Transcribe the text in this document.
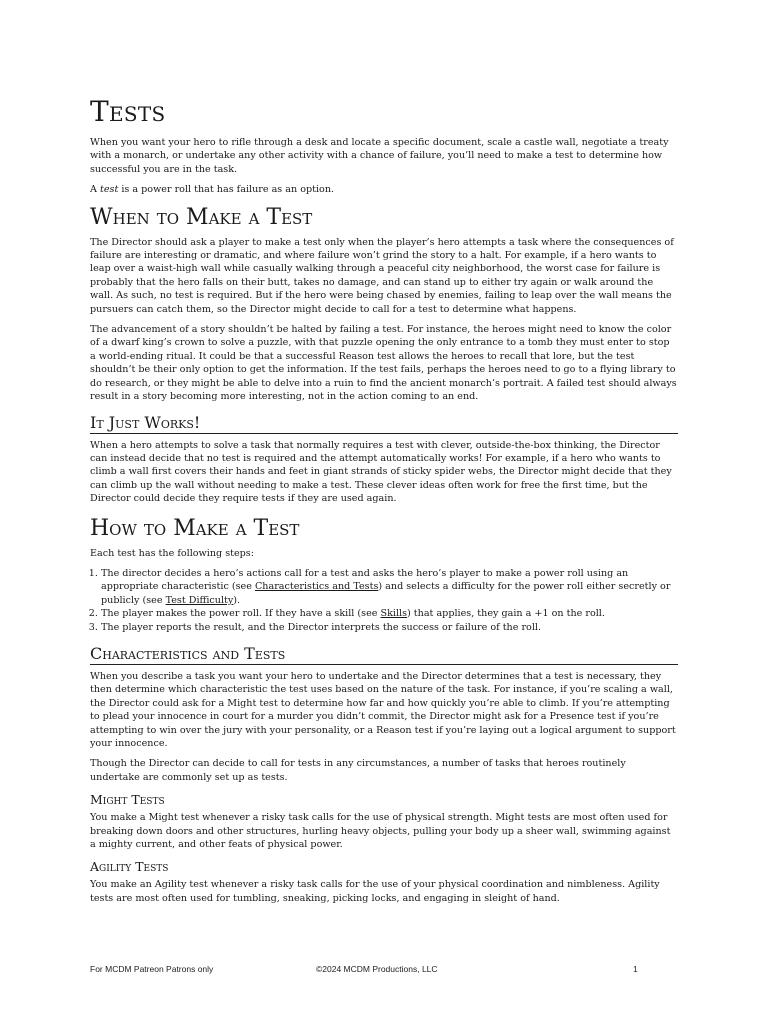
Tests

When you want your hero to rifle through a desk and locate a specific document, scale a castle wall, negotiate a treaty with a monarch, or undertake any other activity with a chance of failure, you’ll need to make a test to determine how successful you are in the task.

A test is a power roll that has failure as an option.

When to Make a Test

The Director should ask a player to make a test only when the player’s hero attempts a task where the consequences of failure are interesting or dramatic, and where failure won’t grind the story to a halt. For example, if a hero wants to leap over a waist-high wall while casually walking through a peaceful city neighborhood, the worst case for failure is probably that the hero falls on their butt, takes no damage, and can stand up to either try again or walk around the wall. As such, no test is required. But if the hero were being chased by enemies, failing to leap over the wall means the pursuers can catch them, so the Director might decide to call for a test to determine what happens.

The advancement of a story shouldn’t be halted by failing a test. For instance, the heroes might need to know the color of a dwarf king’s crown to solve a puzzle, with that puzzle opening the only entrance to a tomb they must enter to stop a world-ending ritual. It could be that a successful Reason test allows the heroes to recall that lore, but the test shouldn’t be their only option to get the information. If the test fails, perhaps the heroes need to go to a flying library to do research, or they might be able to delve into a ruin to find the ancient monarch’s portrait. A failed test should always result in a story becoming more interesting, not in the action coming to an end.

It Just Works!

When a hero attempts to solve a task that normally requires a test with clever, outside-the-box thinking, the Director can instead decide that no test is required and the attempt automatically works! For example, if a hero who wants to climb a wall first covers their hands and feet in giant strands of sticky spider webs, the Director might decide that they can climb up the wall without needing to make a test. These clever ideas often work for free the first time, but the Director could decide they require tests if they are used again.

How to Make a Test

Each test has the following steps:

1. The director decides a hero’s actions call for a test and asks the hero’s player to make a power roll using an appropriate characteristic (see Characteristics and Tests) and selects a difficulty for the power roll either secretly or publicly (see Test Difficulty).
2. The player makes the power roll. If they have a skill (see Skills) that applies, they gain a +1 on the roll.
3. The player reports the result, and the Director interprets the success or failure of the roll.
Characteristics and Tests

When you describe a task you want your hero to undertake and the Director determines that a test is necessary, they then determine which characteristic the test uses based on the nature of the task. For instance, if you’re scaling a wall, the Director could ask for a Might test to determine how far and how quickly you’re able to climb. If you’re attempting to plead your innocence in court for a murder you didn’t commit, the Director might ask for a Presence test if you’re attempting to win over the jury with your personality, or a Reason test if you’re laying out a logical argument to support your innocence.

Though the Director can decide to call for tests in any circumstances, a number of tasks that heroes routinely undertake are commonly set up as tests.

Might Tests

You make a Might test whenever a risky task calls for the use of physical strength. Might tests are most often used for breaking down doors and other structures, hurling heavy objects, pulling your body up a sheer wall, swimming against a mighty current, and other feats of physical power.

Agility Tests

You make an Agility test whenever a risky task calls for the use of your physical coordination and nimbleness. Agility tests are most often used for tumbling, sneaking, picking locks, and engaging in sleight of hand.

For MCDM Patreon Patrons only	©2024 MCDM Productions, LLC	1
